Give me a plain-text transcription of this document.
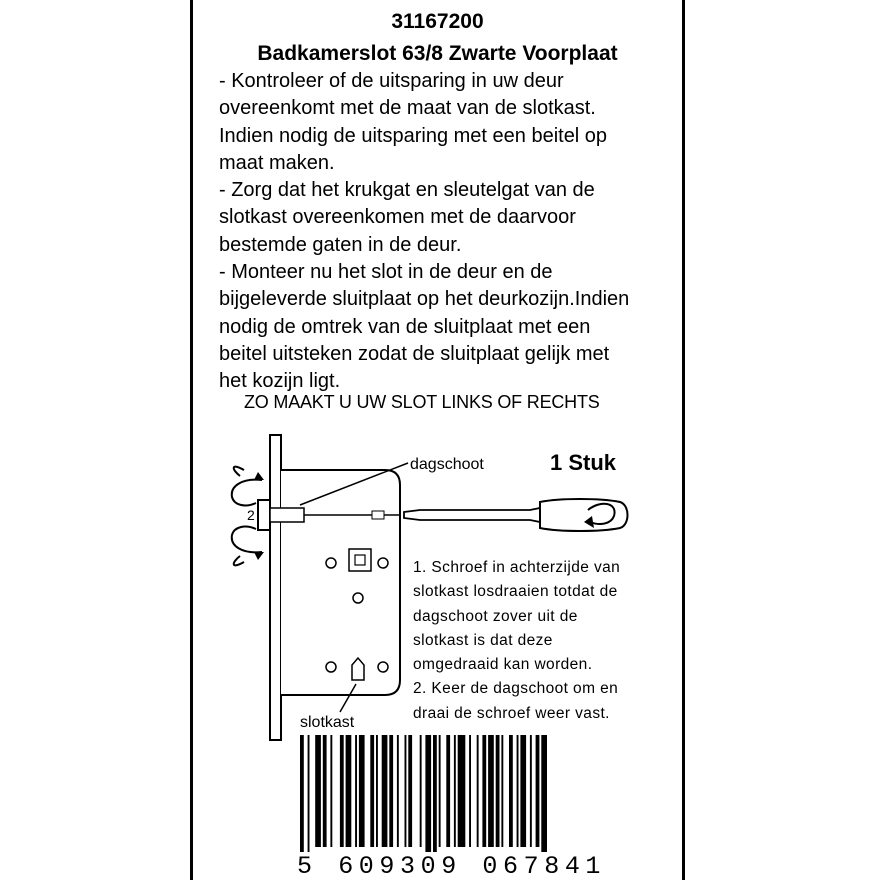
31167200
Badkamerslot 63/8 Zwarte Voorplaat
- Kontroleer of de uitsparing in uw deur
overeenkomt met de maat van de slotkast.
Indien nodig de uitsparing met een beitel op
maat maken.
- Zorg dat het krukgat en sleutelgat van de
slotkast overeenkomen met de daarvoor
bestemde gaten in de deur.
- Monteer nu het slot in de deur en de
bijgeleverde sluitplaat op het deurkozijn.Indien
nodig de omtrek van de sluitplaat met een
beitel uitsteken zodat de sluitplaat gelijk met
het kozijn ligt.
ZO MAAKT U UW SLOT LINKS OF RECHTS
2
dagschoot	1 Stuk
slotkast
1. Schroef in achterzijde van
slotkast losdraaien totdat de
dagschoot zover uit de
slotkast is dat deze
omgedraaid kan worden.
2. Keer de dagschoot om en
draai de schroef weer vast.
5 609309 067841
